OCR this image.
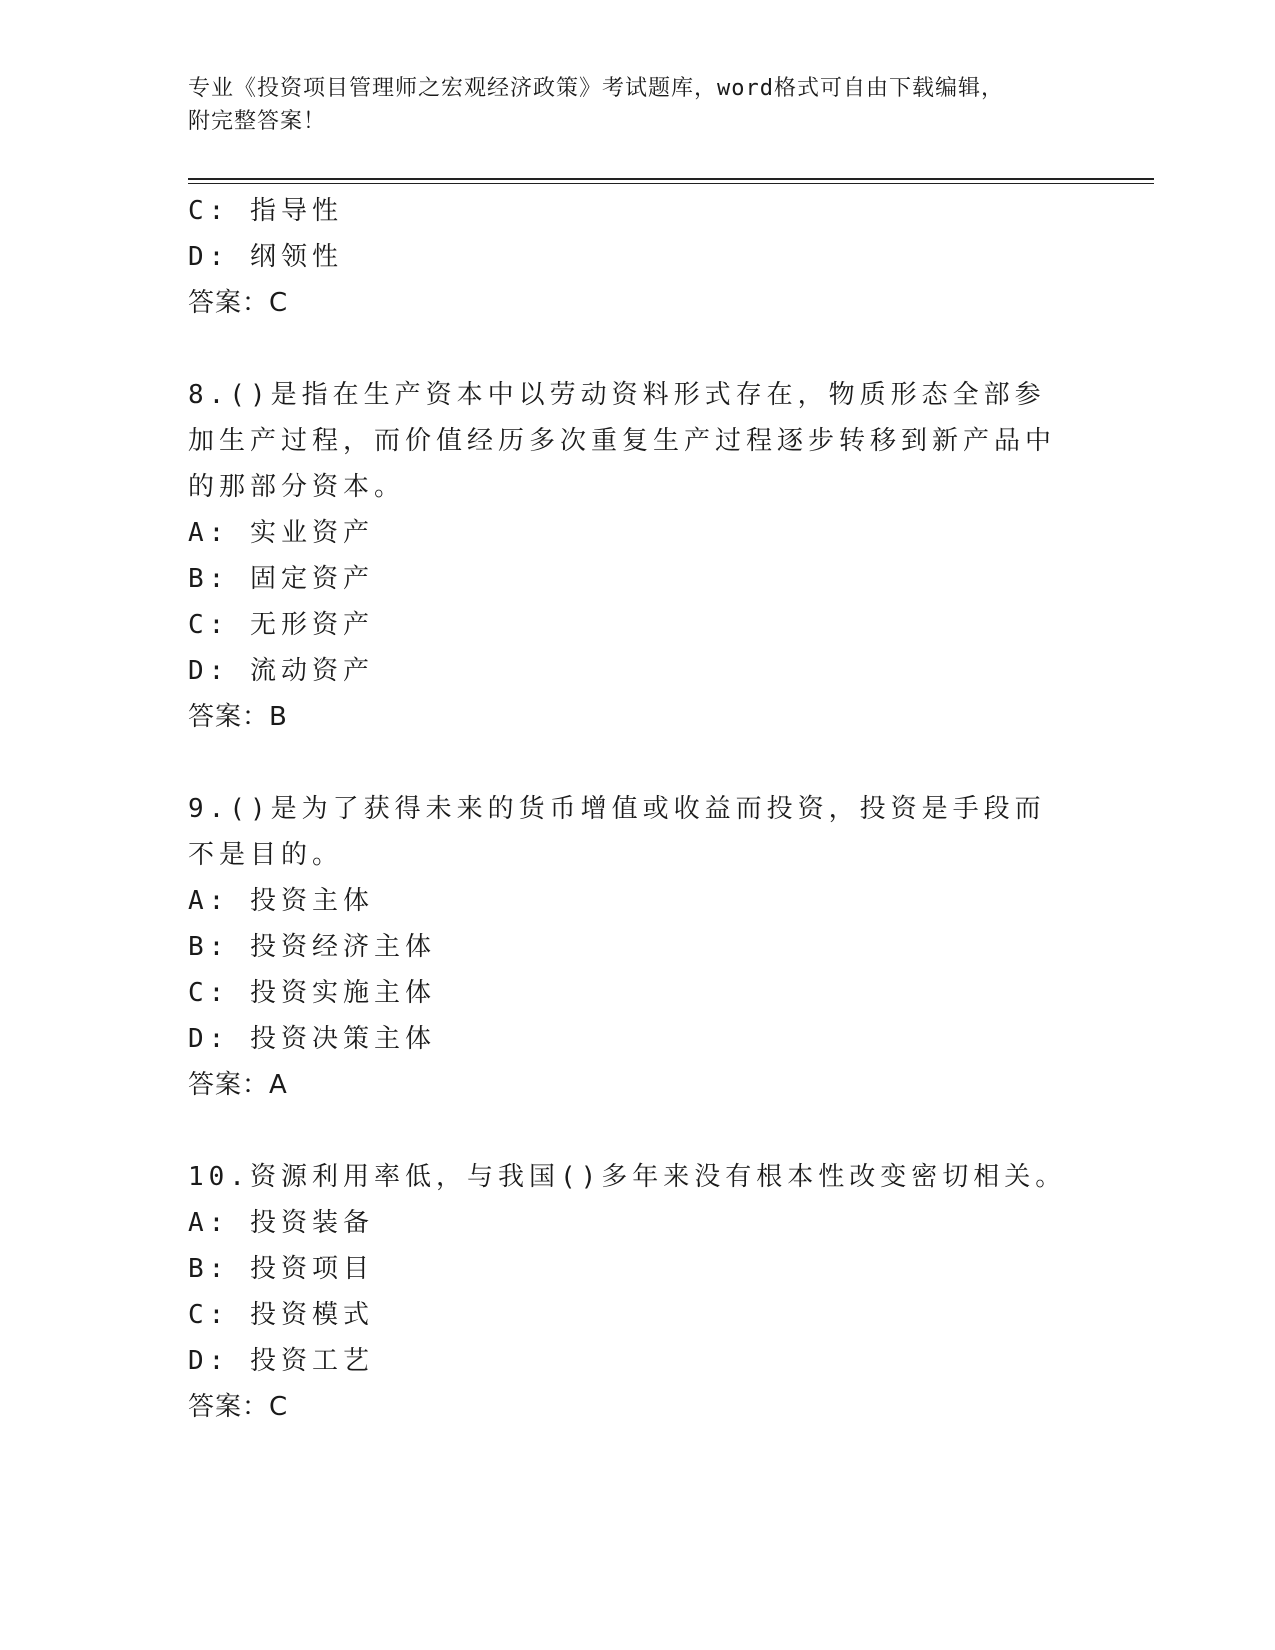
专业《投资项目管理师之宏观经济政策》考试题库，word格式可自由下载编辑，
附完整答案！
C: 指导性
D: 纲领性
答案：C
8.()是指在生产资本中以劳动资料形式存在，物质形态全部参加生产过程，而价值经历多次重复生产过程逐步转移到新产品中的那部分资本。
A: 实业资产
B: 固定资产
C: 无形资产
D: 流动资产
答案：B
9.()是为了获得未来的货币增值或收益而投资，投资是手段而不是目的。
A: 投资主体
B: 投资经济主体
C: 投资实施主体
D: 投资决策主体
答案：A
10.资源利用率低，与我国()多年来没有根本性改变密切相关。
A: 投资装备
B: 投资项目
C: 投资模式
D: 投资工艺
答案：C
